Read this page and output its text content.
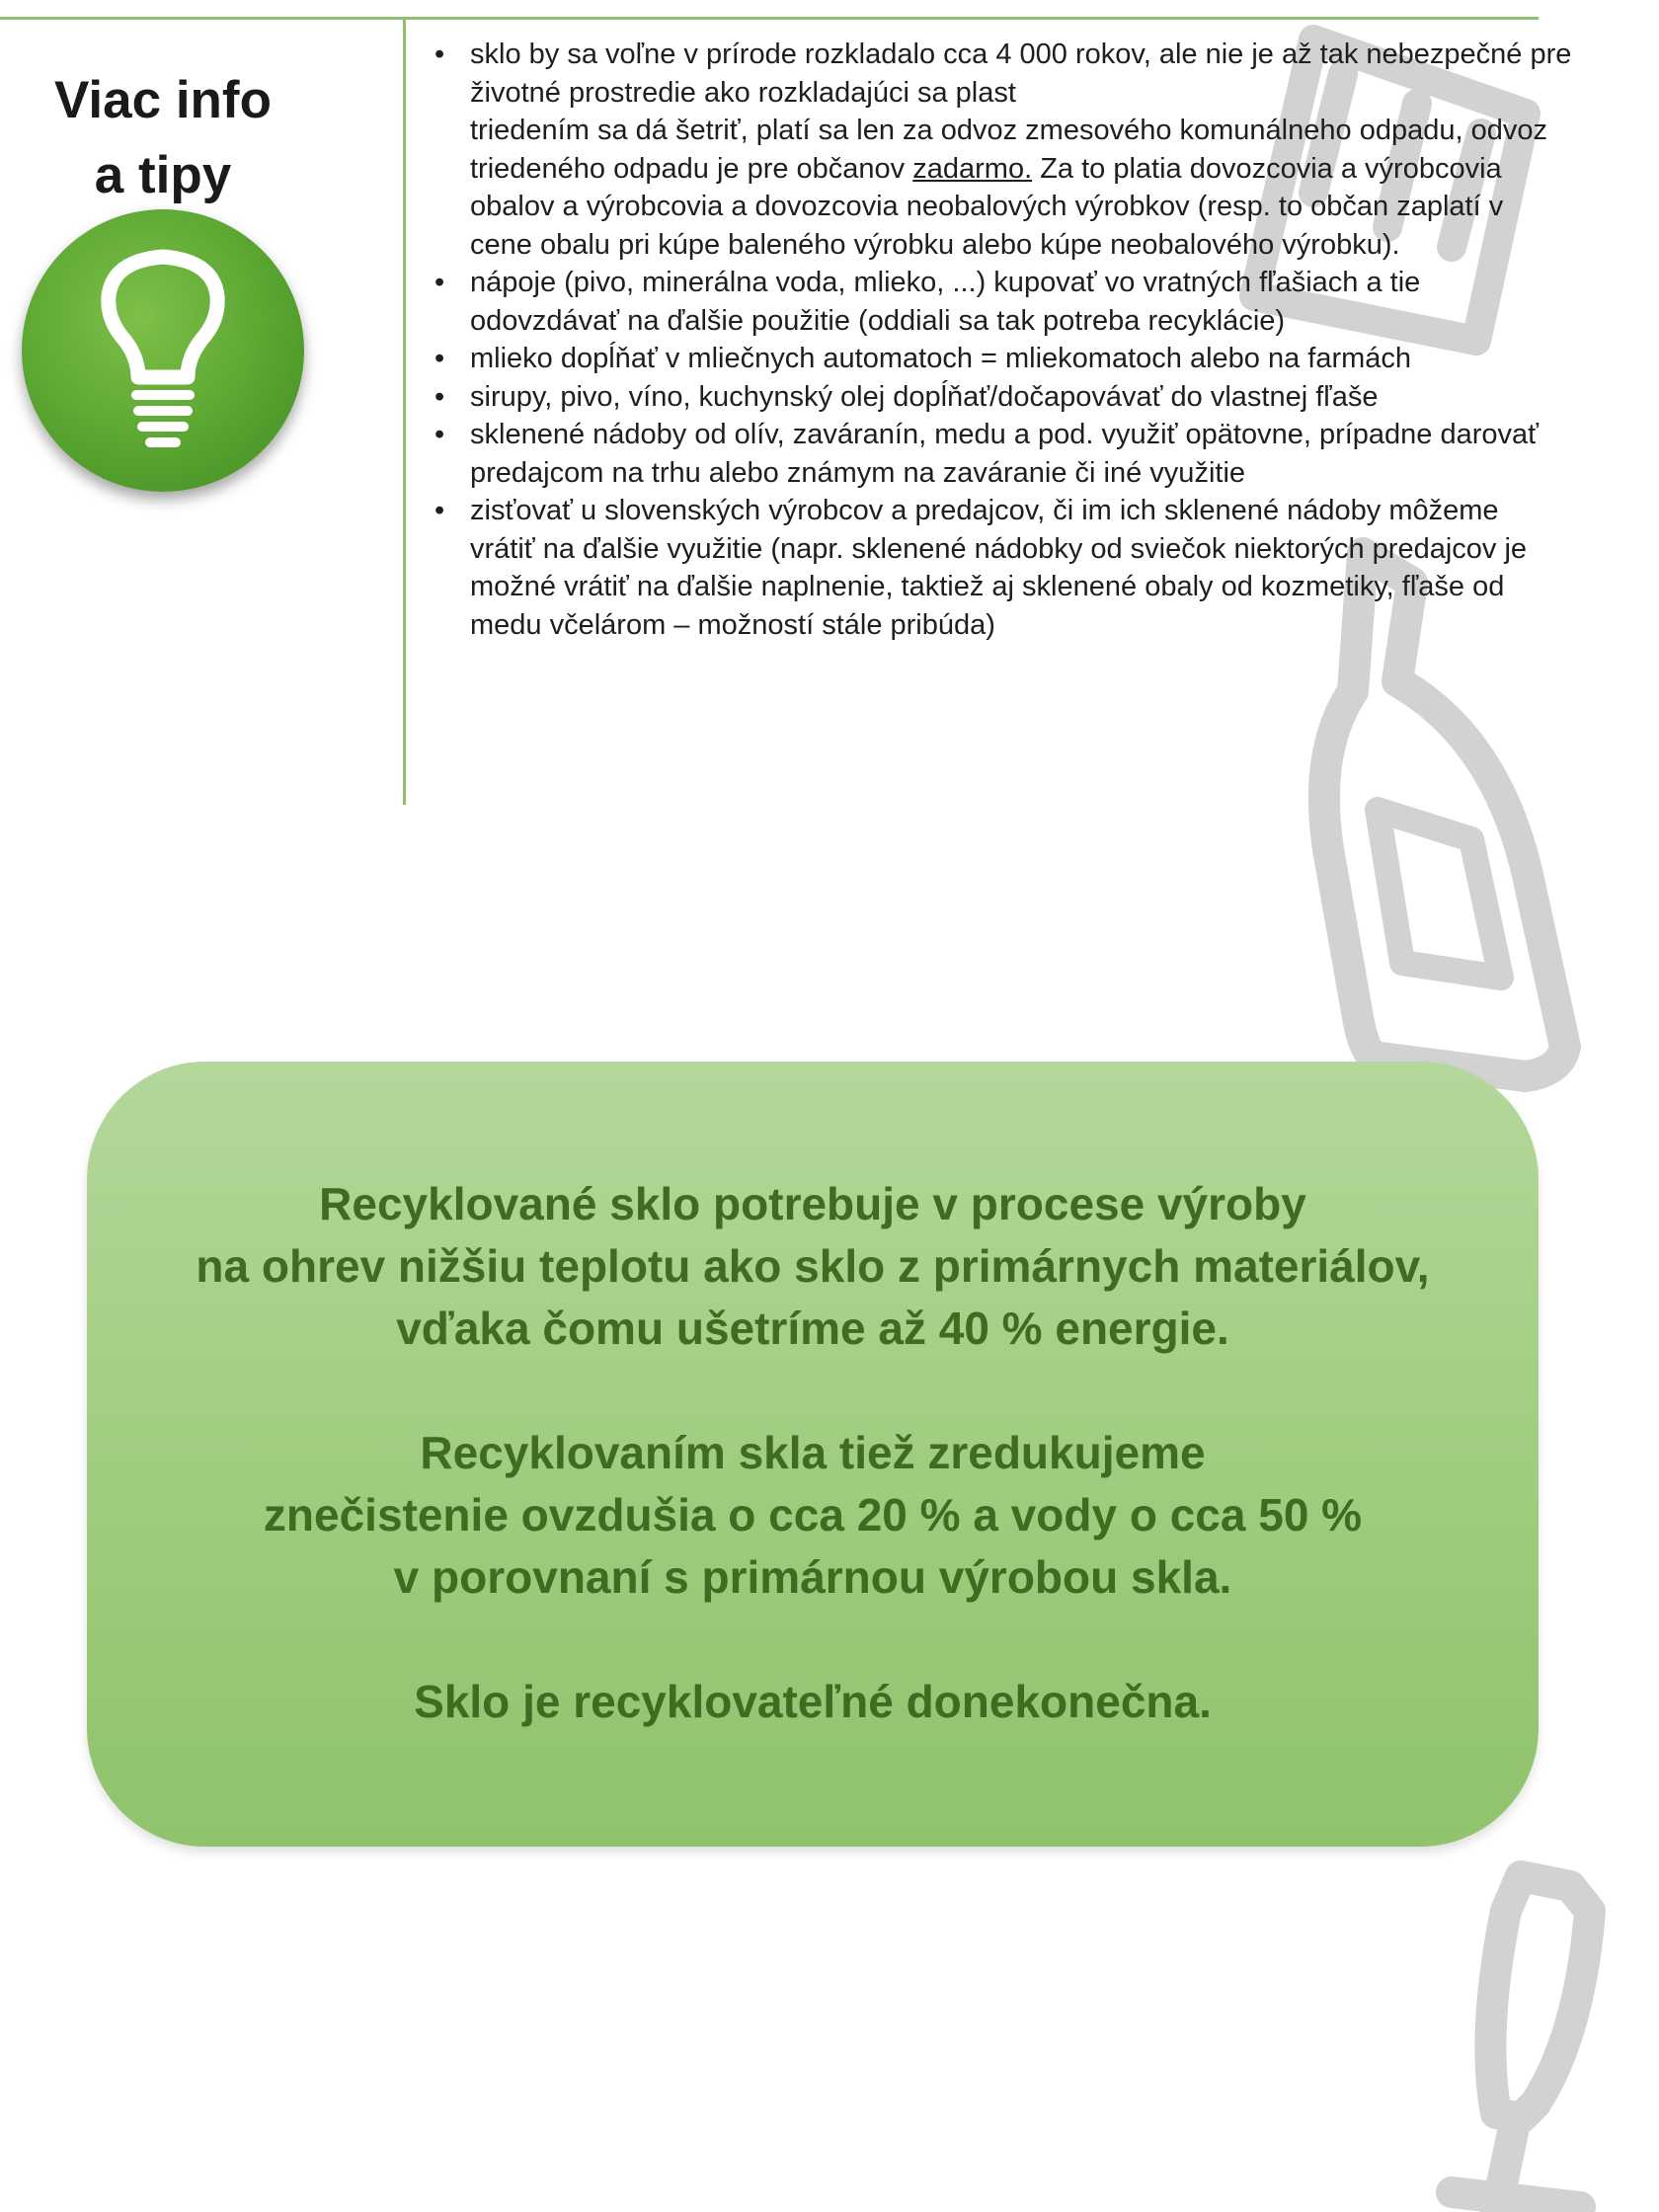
Viac info
a tipy
• sklo by sa voľne v prírode rozkladalo cca 4 000 rokov, ale nie je až tak nebezpečné pre
životné prostredie ako rozkladajúci sa plast
triedením sa dá šetriť, platí sa len za odvoz zmesového komunálneho odpadu, odvoz
triedeného odpadu je pre občanov zadarmo. Za to platia dovozcovia a výrobcovia
obalov a výrobcovia a dovozcovia neobalových výrobkov (resp. to občan zaplatí v
cene obalu pri kúpe baleného výrobku alebo kúpe neobalového výrobku).
• nápoje (pivo, minerálna voda, mlieko, ...) kupovať vo vratných fľašiach a tie
odovzdávať na ďalšie použitie (oddiali sa tak potreba recyklácie)
• mlieko dopĺňať v mliečnych automatoch = mliekomatoch alebo na farmách
• sirupy, pivo, víno, kuchynský olej dopĺňať/dočapovávať do vlastnej fľaše
• sklenené nádoby od olív, zaváranín, medu a pod. využiť opätovne, prípadne darovať
predajcom na trhu alebo známym na zaváranie či iné využitie
• zisťovať u slovenských výrobcov a predajcov, či im ich sklenené nádoby môžeme
vrátiť na ďalšie využitie (napr. sklenené nádobky od sviečok niektorých predajcov je
možné vrátiť na ďalšie naplnenie, taktiež aj sklenené obaly od kozmetiky, fľaše od
medu včelárom – možností stále pribúda)

Recyklované sklo potrebuje v procese výroby
na ohrev nižšiu teplotu ako sklo z primárnych materiálov,
vďaka čomu ušetríme až 40 % energie.

Recyklovaním skla tiež zredukujeme
znečistenie ovzdušia o cca 20 % a vody o cca 50 %
v porovnaní s primárnou výrobou skla.

Sklo je recyklovateľné donekonečna.
